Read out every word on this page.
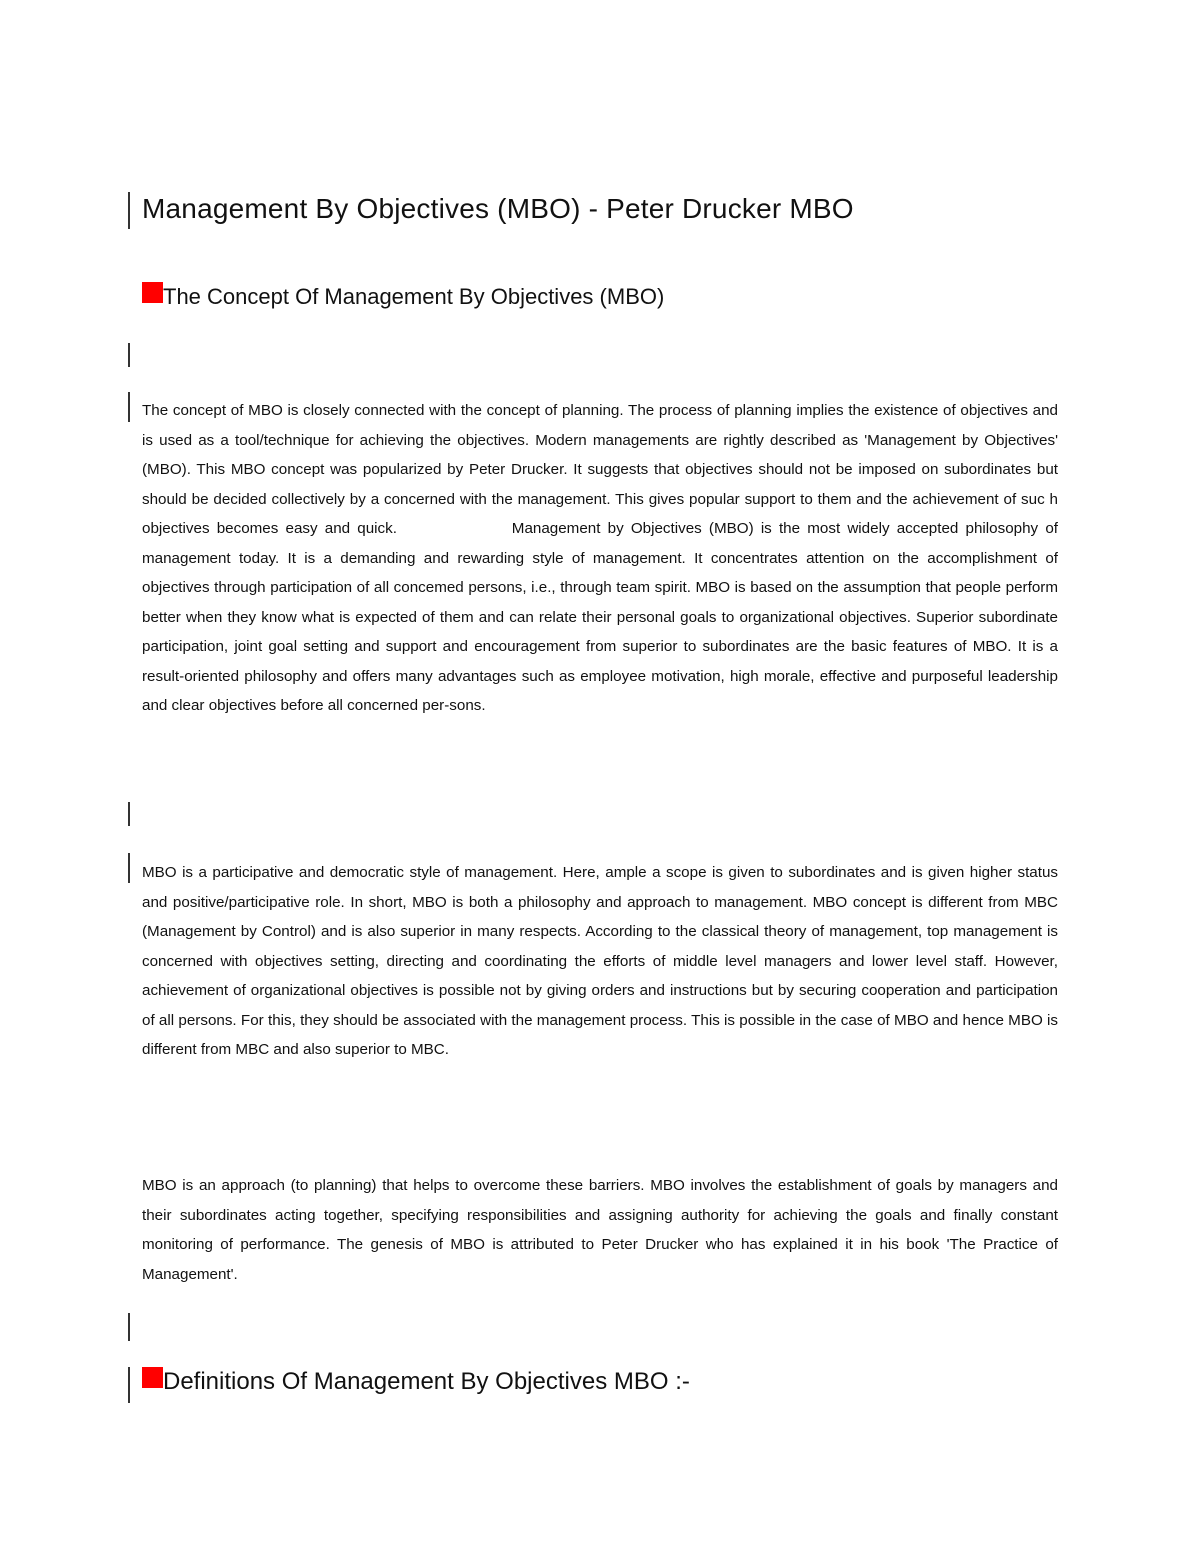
Management By Objectives (MBO) - Peter Drucker MBO
The Concept Of Management By Objectives (MBO)

The concept of MBO is closely connected with the concept of planning. The process of planning implies the existence of objectives and is used as a tool/technique for achieving the objectives. Modern managements are rightly described as 'Management by Objectives' (MBO). This MBO concept was popularized by Peter Drucker. It suggests that objectives should not be imposed on subordinates but should be decided collectively by a concerned with the management. This gives popular support to them and the achievement of suc h objectives becomes easy and quick.                Management by Objectives (MBO) is the most widely accepted philosophy of management today. It is a demanding and rewarding style of management. It concentrates attention on the accomplishment of objectives through participation of all concemed persons, i.e., through team spirit. MBO is based on the assumption that people perform better when they know what is expected of them and can relate their personal goals to organizational objectives. Superior subordinate participation, joint goal setting and support and encouragement from superior to subordinates are the basic features of MBO. It is a result-oriented philosophy and offers many advantages such as employee motivation, high morale, effective and purposeful leadership and clear objectives before all concerned per-sons.

MBO is a participative and democratic style of management. Here, ample a scope is given to subordinates and is given higher status and positive/participative role. In short, MBO is both a philosophy and approach to management. MBO concept is different from MBC (Management by Control) and is also superior in many respects. According to the classical theory of management, top management is concerned with objectives setting, directing and coordinating the efforts of middle level managers and lower level staff. However, achievement of organizational objectives is possible not by giving orders and instructions but by securing cooperation and participation of all persons. For this, they should be associated with the management process. This is possible in the case of MBO and hence MBO is different from MBC and also superior to MBC.

MBO is an approach (to planning) that helps to overcome these barriers. MBO involves the establishment of goals by managers and their subordinates acting together, specifying responsibilities and assigning authority for achieving the goals and finally constant monitoring of performance. The genesis of MBO is attributed to Peter Drucker who has explained it in his book 'The Practice of Management'.

Definitions Of Management By Objectives MBO :-
